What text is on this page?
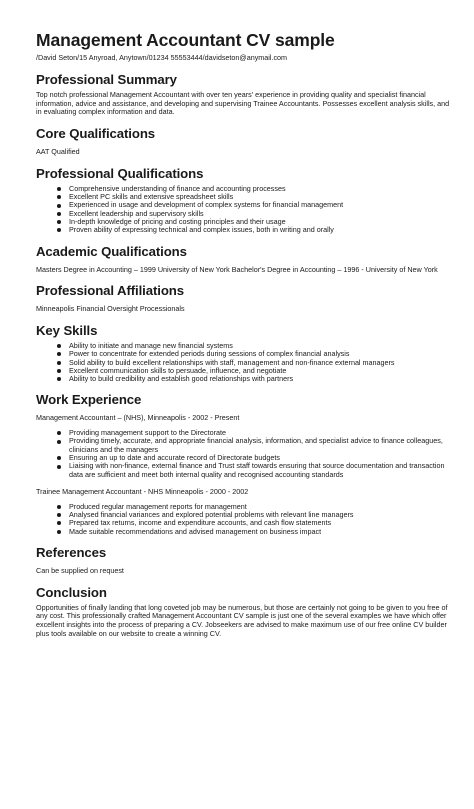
Management Accountant CV sample
/David Seton/15 Anyroad, Anytown/01234 55553444/davidseton@anymail.com
Professional Summary
Top notch professional Management Accountant with over ten years' experience in providing quality and specialist financial information, advice and assistance, and developing and supervising Trainee Accountants. Possesses excellent analysis skills, and in evaluating complex information and data.
Core Qualifications
AAT Qualified
Professional Qualifications
Comprehensive understanding of finance and accounting processes
Excellent PC skills and extensive spreadsheet skills
Experienced in usage and development of complex systems for financial management
Excellent leadership and supervisory skills
In-depth knowledge of pricing and costing principles and their usage
Proven ability of expressing technical and complex issues, both in writing and orally
Academic Qualifications
Masters Degree in Accounting – 1999 University of New York Bachelor's Degree in Accounting – 1996 - University of New York
Professional Affiliations
Minneapolis Financial Oversight Processionals
Key Skills
Ability to initiate and manage new financial systems
Power to concentrate for extended periods during sessions of complex financial analysis
Solid ability to build excellent relationships with staff, management and non-finance external managers
Excellent communication skills to persuade, influence, and negotiate
Ability to build credibility and establish good relationships with partners
Work Experience
Management Accountant – (NHS), Minneapolis - 2002 - Present
Providing management support to the Directorate
Providing timely, accurate, and appropriate financial analysis, information, and specialist advice to finance colleagues, clinicians and the managers
Ensuring an up to date and accurate record of Directorate budgets
Liaising with non-finance, external finance and Trust staff towards ensuring that source documentation and transaction data are sufficient and meet both internal quality and recognised accounting standards
Trainee Management Accountant - NHS Minneapolis - 2000 - 2002
Produced regular management reports for management
Analysed financial variances and explored potential problems with relevant line managers
Prepared tax returns, income and expenditure accounts, and cash flow statements
Made suitable recommendations and advised management on business impact
References
Can be supplied on request
Conclusion
Opportunities of finally landing that long coveted job may be numerous, but those are certainly not going to be given to you free of any cost. This professionally crafted Management Accountant CV sample is just one of the several examples we have which offer excellent insights into the process of preparing a CV. Jobseekers are advised to make maximum use of our free online CV builder plus tools available on our website to create a winning CV.
